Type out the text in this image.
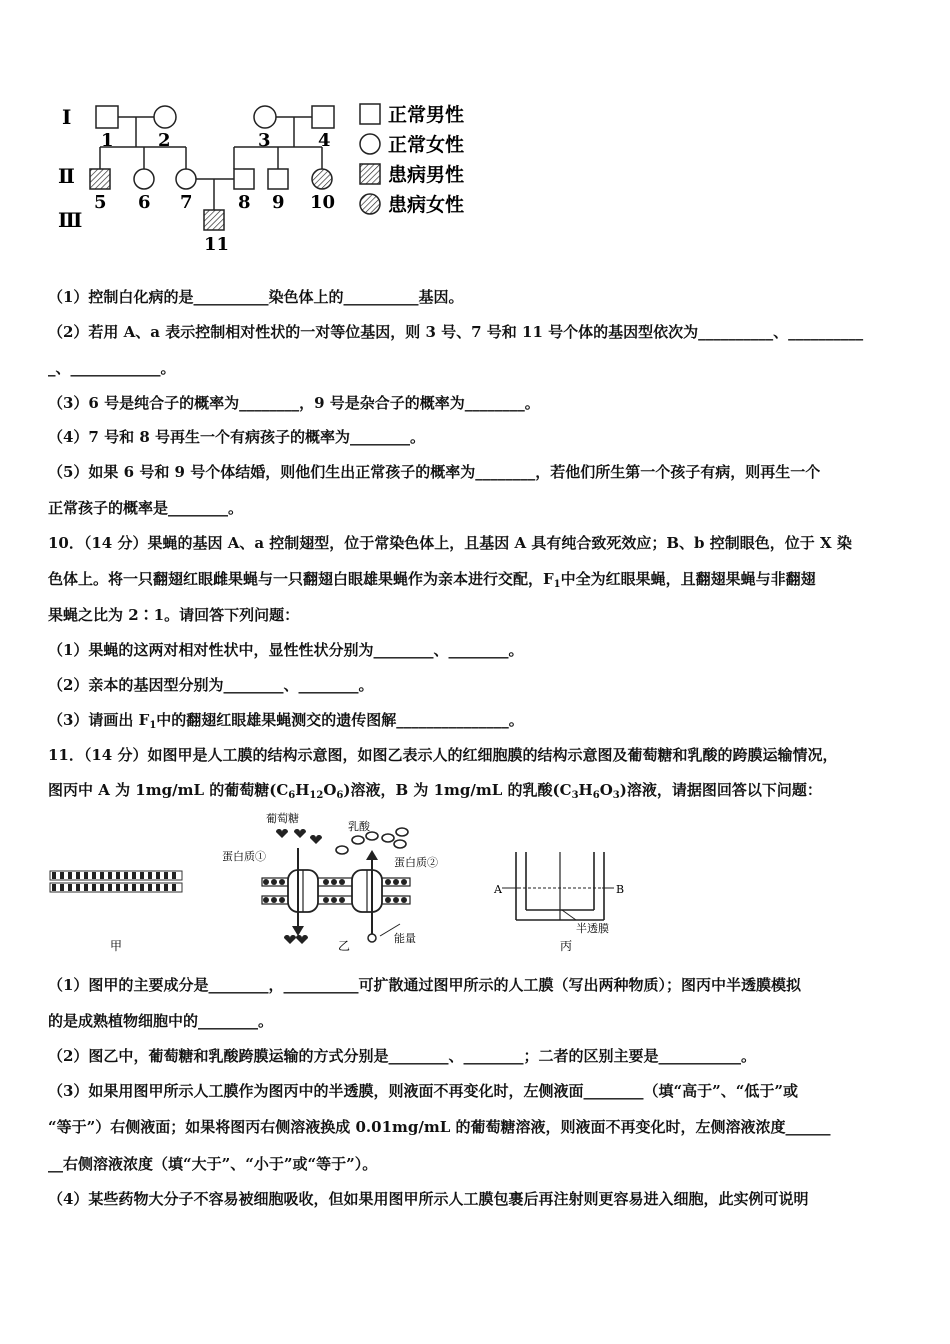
Ⅰ
Ⅱ
Ⅲ
1 2	3	4
5 6 7	8 9 10
11
正常男性
正常女性
患病男性
患病女性
（1）控制白化病的是__________染色体上的__________基因。
（2）若用 A、a 表示控制相对性状的一对等位基因，则 3 号、7 号和 11 号个体的基因型依次为__________、__________
_、____________。
（3）6 号是纯合子的概率为________，9 号是杂合子的概率为________。
（4）7 号和 8 号再生一个有病孩子的概率为________。
（5）如果 6 号和 9 号个体结婚，则他们生出正常孩子的概率为________，若他们所生第一个孩子有病，则再生一个
正常孩子的概率是________。
10．（14 分）果蝇的基因 A、a 控制翅型，位于常染色体上，且基因 A 具有纯合致死效应；B、b 控制眼色，位于 X 染
色体上。将一只翻翅红眼雌果蝇与一只翻翅白眼雄果蝇作为亲本进行交配，$F_1$中全为红眼果蝇，且翻翅果蝇与非翻翅
果蝇之比为 2∶1。请回答下列问题：
（1）果蝇的这两对相对性状中，显性性状分别为________、________。
（2）亲本的基因型分别为________、________。
（3）请画出 $F_1$中的翻翅红眼雄果蝇测交的遗传图解_______________。
11．（14 分）如图甲是人工膜的结构示意图，如图乙表示人的红细胞膜的结构示意图及葡萄糖和乳酸的跨膜运输情况，
图丙中 A 为 1mg/mL 的葡萄糖$(C_6H_{12}O_6)$溶液，B 为 1mg/mL 的乳酸$(C_3H_6O_3)$溶液，请据图回答以下问题：
甲
葡萄糖
乳酸
蛋白质①	蛋白质②
能量
乙
A	B
半透膜
丙
（1）图甲的主要成分是________，__________可扩散通过图甲所示的人工膜（写出两种物质）；图丙中半透膜模拟
的是成熟植物细胞中的________。
（2）图乙中，葡萄糖和乳酸跨膜运输的方式分别是________、________；二者的区别主要是___________。
（3）如果用图甲所示人工膜作为图丙中的半透膜，则液面不再变化时，左侧液面________（填“高于”、“低于”或
“等于”）右侧液面；如果将图丙右侧溶液换成 0.01mg/mL 的葡萄糖溶液，则液面不再变化时，左侧溶液浓度______
__右侧溶液浓度（填“大于”、“小于”或“等于”）。
（4）某些药物大分子不容易被细胞吸收，但如果用图甲所示人工膜包裹后再注射则更容易进入细胞，此实例可说明
